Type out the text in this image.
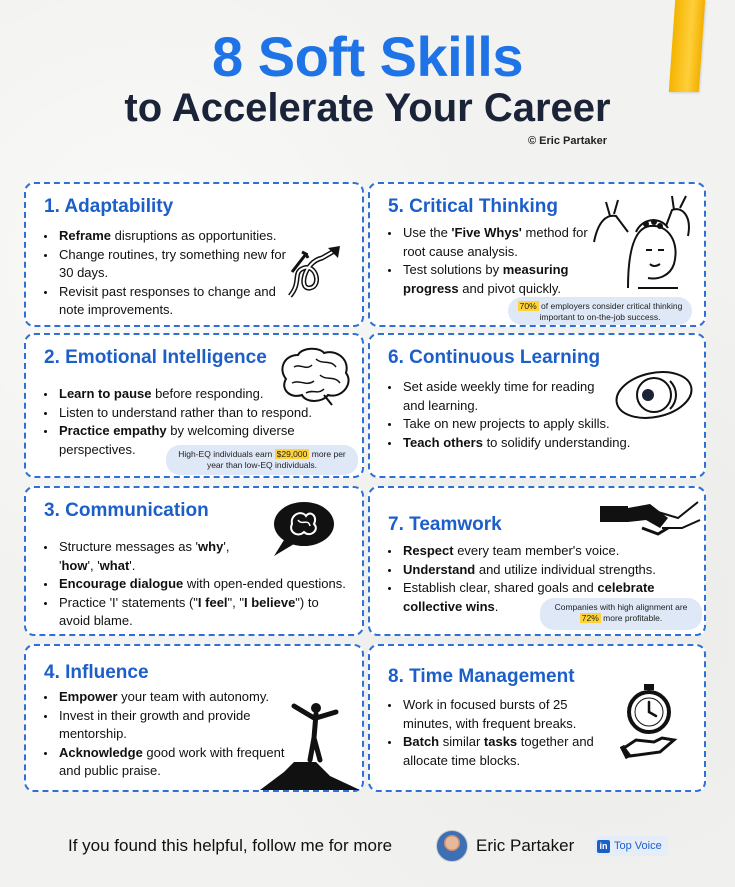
8 Soft Skills
to Accelerate Your Career
© Eric Partaker
1. Adaptability
• Reframe disruptions as opportunities.
• Change routines, try something new for 30 days.
• Revisit past responses to change and note improvements.
5. Critical Thinking
• Use the 'Five Whys' method for root cause analysis.
• Test solutions by measuring progress and pivot quickly.
70% of employers consider critical thinking important to on-the-job success.
2. Emotional Intelligence
• Learn to pause before responding.
• Listen to understand rather than to respond.
• Practice empathy by welcoming diverse perspectives.	High-EQ individuals earn $29,000 more per year than low-EQ individuals.
6. Continuous Learning
• Set aside weekly time for reading and learning.
• Take on new projects to apply skills.
• Teach others to solidify understanding.
3. Communication
• Structure messages as 'why', 'how', 'what'.
• Encourage dialogue with open-ended questions.
• Practice 'I' statements ("I feel", "I believe") to avoid blame.
7. Teamwork
• Respect every team member's voice.
• Understand and utilize individual strengths.
• Establish clear, shared goals and celebrate collective wins.	Companies with high alignment are 72% more profitable.
4. Influence
• Empower your team with autonomy.
• Invest in their growth and provide mentorship.
• Acknowledge good work with frequent and public praise.
8. Time Management
• Work in focused bursts of 25 minutes, with frequent breaks.
• Batch similar tasks together and allocate time blocks.
If you found this helpful, follow me for more	Eric Partaker	in Top Voice
